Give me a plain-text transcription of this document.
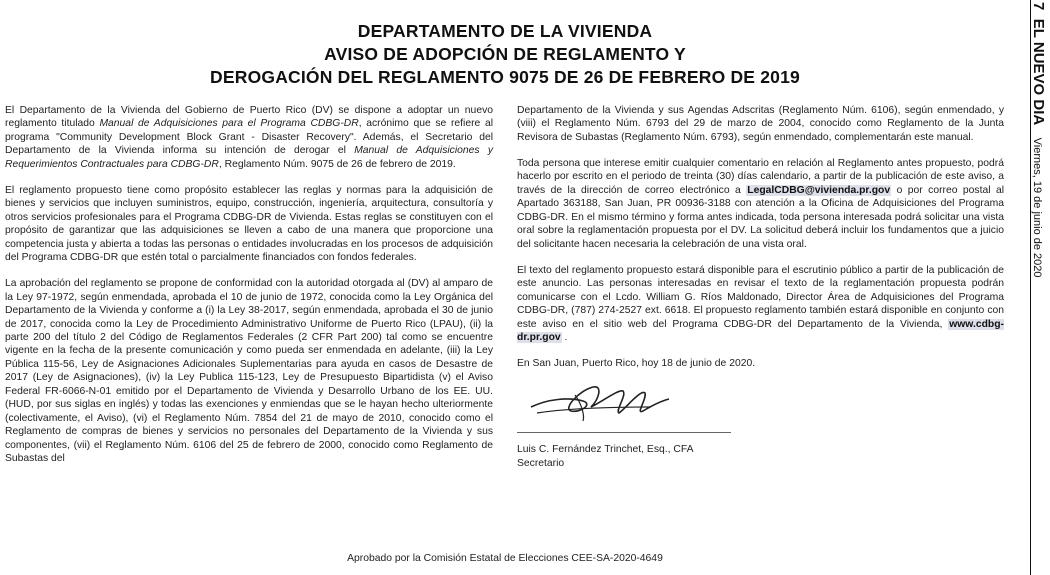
DEPARTAMENTO DE LA VIVIENDA
AVISO DE ADOPCIÓN DE REGLAMENTO Y
DEROGACIÓN DEL REGLAMENTO 9075 DE 26 DE FEBRERO DE 2019

El Departamento de la Vivienda del Gobierno de Puerto Rico (DV) se dispone a adoptar un nuevo reglamento titulado Manual de Adquisiciones para el Programa CDBG-DR, acrónimo que se refiere al programa "Community Development Block Grant - Disaster Recovery". Además, el Secretario del Departamento de la Vivienda informa su intención de derogar el Manual de Adquisiciones y Requerimientos Contractuales para CDBG-DR, Reglamento Núm. 9075 de 26 de febrero de 2019.

El reglamento propuesto tiene como propósito establecer las reglas y normas para la adquisición de bienes y servicios que incluyen suministros, equipo, construcción, ingeniería, arquitectura, consultoría y otros servicios profesionales para el Programa CDBG-DR de Vivienda. Estas reglas se constituyen con el propósito de garantizar que las adquisiciones se lleven a cabo de una manera que proporcione una competencia justa y abierta a todas las personas o entidades involucradas en los procesos de adquisición del Programa CDBG-DR que estén total o parcialmente financiados con fondos federales.

La aprobación del reglamento se propone de conformidad con la autoridad otorgada al (DV) al amparo de la Ley 97-1972, según enmendada, aprobada el 10 de junio de 1972, conocida como la Ley Orgánica del Departamento de la Vivienda y conforme a (i) la Ley 38-2017, según enmendada, aprobada el 30 de junio de 2017, conocida como la Ley de Procedimiento Administrativo Uniforme de Puerto Rico (LPAU), (ii) la parte 200 del título 2 del Código de Reglamentos Federales (2 CFR Part 200) tal como se encuentre vigente en la fecha de la presente comunicación y como pueda ser enmendada en adelante, (iii) la Ley Pública 115-56, Ley de Asignaciones Adicionales Suplementarias para ayuda en casos de Desastre de 2017 (Ley de Asignaciones), (iv) la Ley Publica 115-123, Ley de Presupuesto Bipartidista (v) el Aviso Federal FR-6066-N-01 emitido por el Departamento de Vivienda y Desarrollo Urbano de los EE. UU. (HUD, por sus siglas en inglés) y todas las exenciones y enmiendas que se le hayan hecho ulteriormente (colectivamente, el Aviso), (vi) el Reglamento Núm. 7854 del 21 de mayo de 2010, conocido como el Reglamento de compras de bienes y servicios no personales del Departamento de la Vivienda y sus componentes, (vii) el Reglamento Núm. 6106 del 25 de febrero de 2000, conocido como Reglamento de Subastas del

Departamento de la Vivienda y sus Agendas Adscritas (Reglamento Núm. 6106), según enmendado, y (viii) el Reglamento Núm. 6793 del 29 de marzo de 2004, conocido como Reglamento de la Junta Revisora de Subastas (Reglamento Núm. 6793), según enmendado, complementarán este manual.

Toda persona que interese emitir cualquier comentario en relación al Reglamento antes propuesto, podrá hacerlo por escrito en el periodo de treinta (30) días calendario, a partir de la publicación de este aviso, a través de la dirección de correo electrónico a LegalCDBG@vivienda.pr.gov o por correo postal al Apartado 363188, San Juan, PR 00936-3188 con atención a la Oficina de Adquisiciones del Programa CDBG-DR. En el mismo término y forma antes indicada, toda persona interesada podrá solicitar una vista oral sobre la reglamentación propuesta por el DV. La solicitud deberá incluir los fundamentos que a juicio del solicitante hacen necesaria la celebración de una vista oral.

El texto del reglamento propuesto estará disponible para el escrutinio público a partir de la publicación de este anuncio. Las personas interesadas en revisar el texto de la reglamentación propuesta podrán comunicarse con el Lcdo. William G. Ríos Maldonado, Director Área de Adquisiciones del Programa CDBG-DR, (787) 274-2527 ext. 6618. El propuesto reglamento también estará disponible en conjunto con este aviso en el sitio web del Programa CDBG-DR del Departamento de la Vivienda, www.cdbg-dr.pr.gov .

En San Juan, Puerto Rico, hoy 18 de junio de 2020.

Luis C. Fernández Trinchet, Esq., CFA
Secretario
Aprobado por la Comisión Estatal de Elecciones CEE-SA-2020-4649
7 EL NUEVO DIA Viernes, 19 de junio de 2020
